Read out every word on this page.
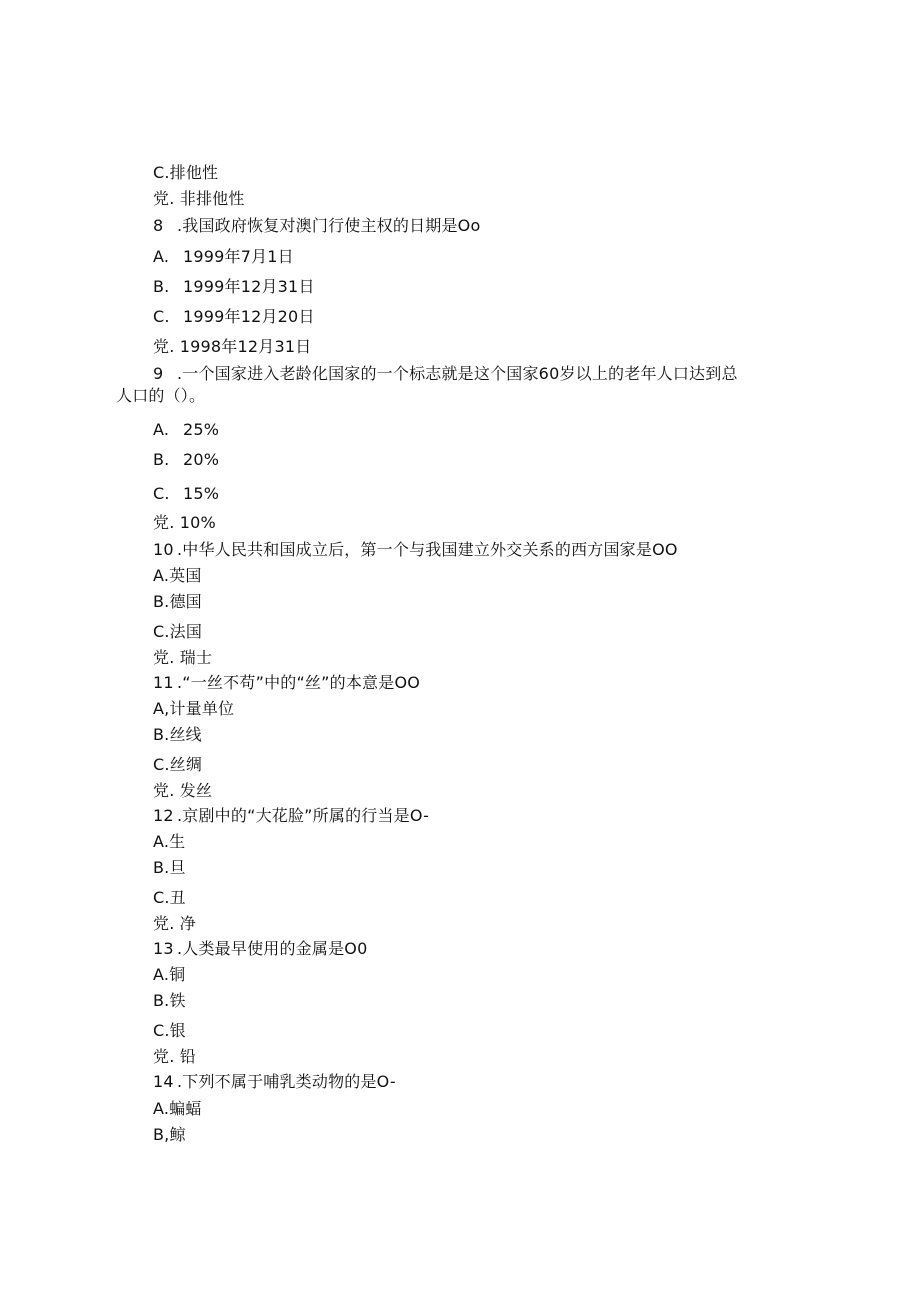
C.排他性
党. 非排他性
8 .我国政府恢复对澳门行使主权的日期是Oo
A. 1999年7月1日
B. 1999年12月31日
C. 1999年12月20日
党. 1998年12月31日
9 .一个国家进入老龄化国家的一个标志就是这个国家60岁以上的老年人口达到总
人口的（）。
A. 25%
B. 20%
C. 15%
党. 10%
10 .中华人民共和国成立后，第一个与我国建立外交关系的西方国家是OO
A.英国
B.德国
C.法国
党. 瑞士
11 .“一丝不苟”中的“丝”的本意是OO
A,计量单位
B.丝线
C.丝绸
党. 发丝
12 .京剧中的“大花脸”所属的行当是O-
A.生
B.旦
C.丑
党. 净
13 .人类最早使用的金属是O0
A.铜
B.铁
C.银
党. 铅
14 .下列不属于哺乳类动物的是O-
A.蝙蝠
B,鲸
